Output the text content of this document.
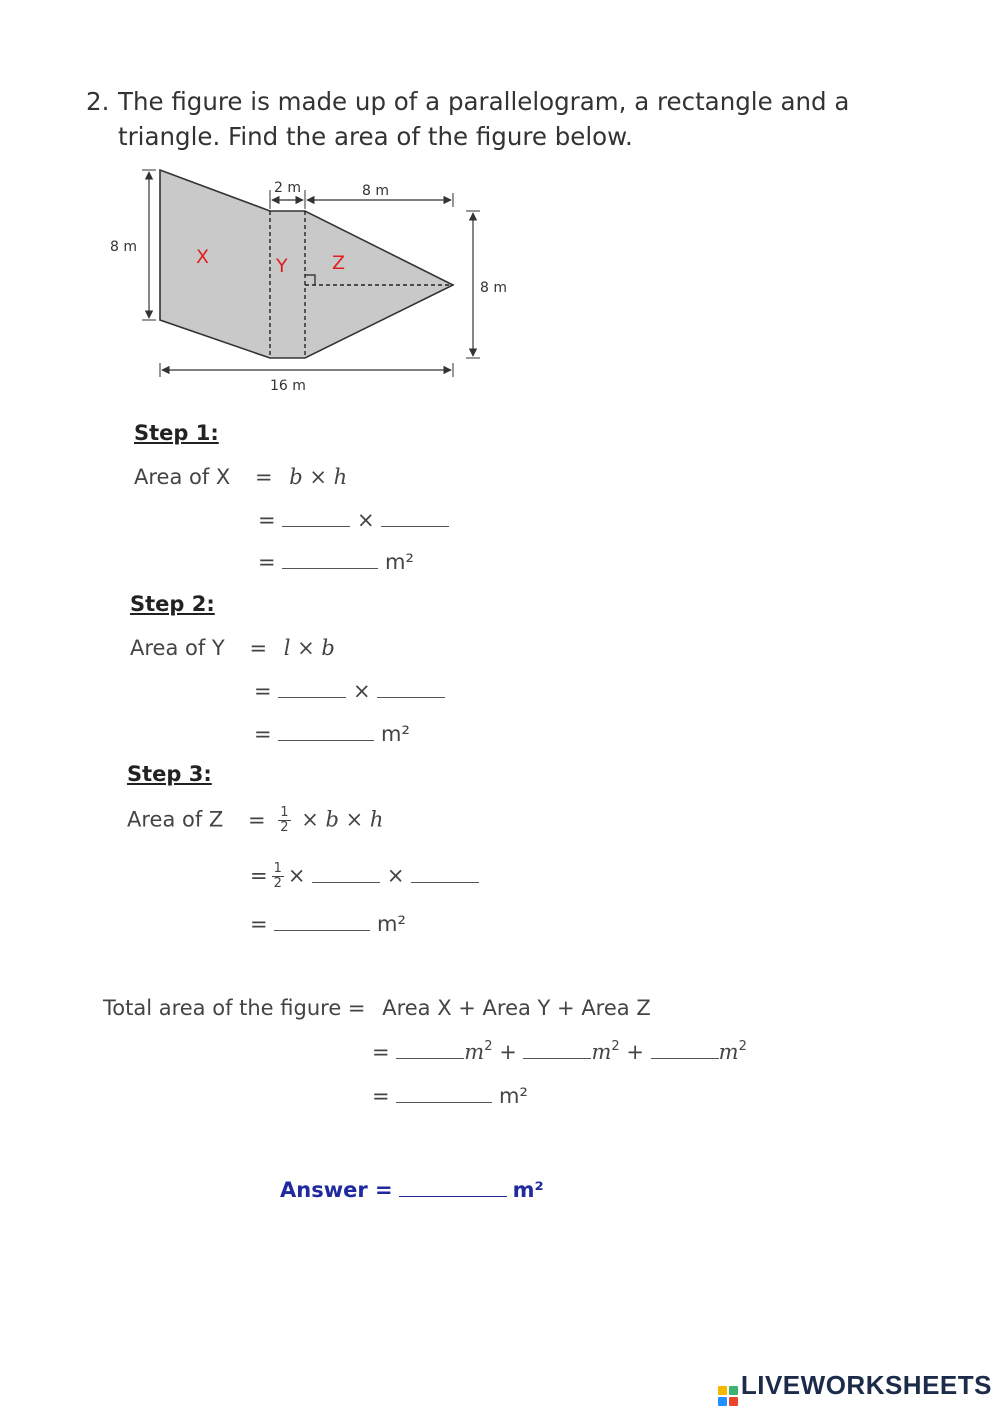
2. The figure is made up of a parallelogram, a rectangle and a
triangle. Find the area of the figure below.
8 m
2 m	8 m
8 m
16 m
X	Y Z
Step 1:
Area of X = b × h
=	×
=	m²
Step 2:
Area of Y = l × b
=	×
=	m²
Step 3:
Area of $Z = \frac{1}{2} \times b \times h$
= $\frac{1}{2}$ ×	×
=	m²
Total area of the figure = Area X + Area Y + Area Z
=	$m^2$ +	$m^2$ +	$m^2$
=	m²
Answer =	m²
LIVEWORKSHEETS
